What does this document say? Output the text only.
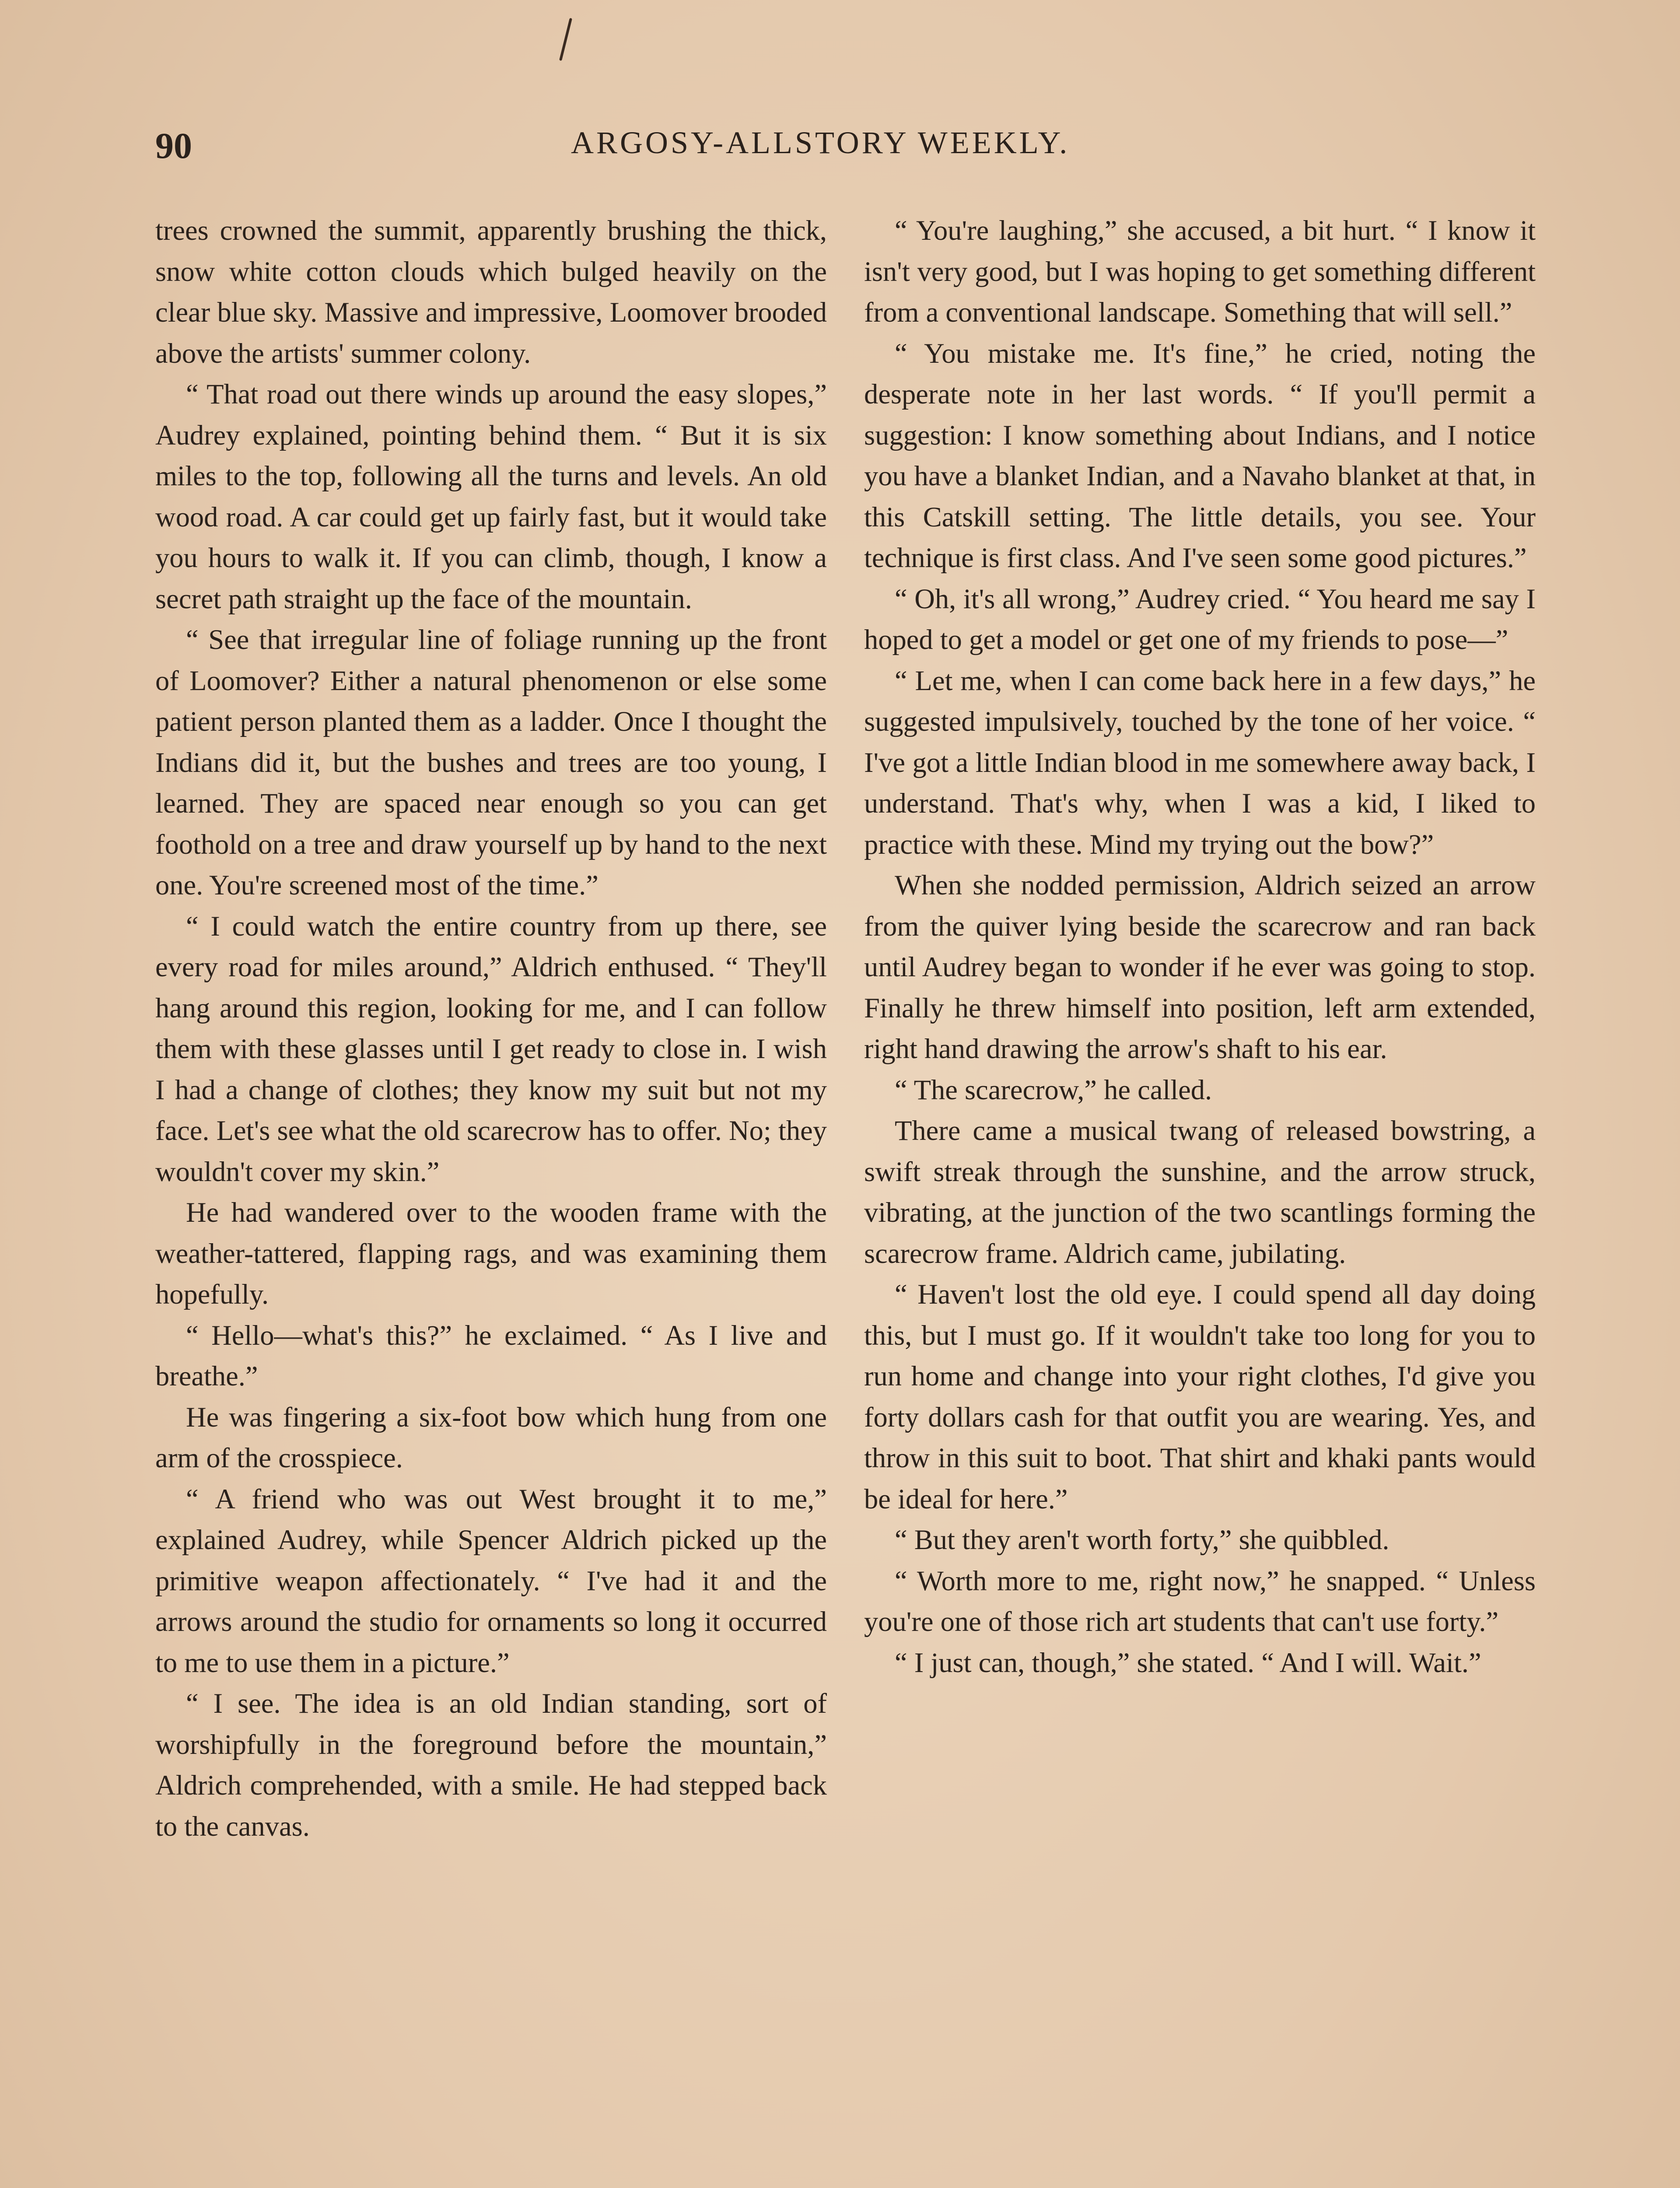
90	ARGOSY-ALLSTORY WEEKLY.

trees crowned the summit, apparently brushing the thick, snow white cotton clouds which bulged heavily on the clear blue sky. Massive and impressive, Loomover brooded above the artists' summer colony.

“ That road out there winds up around the easy slopes,” Audrey explained, pointing behind them. “ But it is six miles to the top, following all the turns and levels. An old wood road. A car could get up fairly fast, but it would take you hours to walk it. If you can climb, though, I know a secret path straight up the face of the mountain.

“ See that irregular line of foliage running up the front of Loomover? Either a natural phenomenon or else some patient person planted them as a ladder. Once I thought the Indians did it, but the bushes and trees are too young, I learned. They are spaced near enough so you can get foothold on a tree and draw yourself up by hand to the next one. You're screened most of the time.”

“ I could watch the entire country from up there, see every road for miles around,” Aldrich enthused. “ They'll hang around this region, looking for me, and I can follow them with these glasses until I get ready to close in. I wish I had a change of clothes; they know my suit but not my face. Let's see what the old scarecrow has to offer. No; they wouldn't cover my skin.”

He had wandered over to the wooden frame with the weather-tattered, flapping rags, and was examining them hopefully.

“ Hello—what's this?” he exclaimed. “ As I live and breathe.”

He was fingering a six-foot bow which hung from one arm of the crosspiece.

“ A friend who was out West brought it to me,” explained Audrey, while Spencer Aldrich picked up the primitive weapon affectionately. “ I've had it and the arrows around the studio for ornaments so long it occurred to me to use them in a picture.”

“ I see. The idea is an old Indian standing, sort of worshipfully in the foreground before the mountain,” Aldrich comprehended, with a smile. He had stepped back to the canvas.

“ You're laughing,” she accused, a bit hurt. “ I know it isn't very good, but I was hoping to get something different from a conventional landscape. Something that will sell.”

“ You mistake me. It's fine,” he cried, noting the desperate note in her last words. “ If you'll permit a suggestion: I know something about Indians, and I notice you have a blanket Indian, and a Navaho blanket at that, in this Catskill setting. The little details, you see. Your technique is first class. And I've seen some good pictures.”

“ Oh, it's all wrong,” Audrey cried. “ You heard me say I hoped to get a model or get one of my friends to pose—”

“ Let me, when I can come back here in a few days,” he suggested impulsively, touched by the tone of her voice. “ I've got a little Indian blood in me somewhere away back, I understand. That's why, when I was a kid, I liked to practice with these. Mind my trying out the bow?”

When she nodded permission, Aldrich seized an arrow from the quiver lying beside the scarecrow and ran back until Audrey began to wonder if he ever was going to stop. Finally he threw himself into position, left arm extended, right hand drawing the arrow's shaft to his ear.

“ The scarecrow,” he called.

There came a musical twang of released bowstring, a swift streak through the sunshine, and the arrow struck, vibrating, at the junction of the two scantlings forming the scarecrow frame. Aldrich came, jubilating.

“ Haven't lost the old eye. I could spend all day doing this, but I must go. If it wouldn't take too long for you to run home and change into your right clothes, I'd give you forty dollars cash for that outfit you are wearing. Yes, and throw in this suit to boot. That shirt and khaki pants would be ideal for here.”

“ But they aren't worth forty,” she quibbled.

“ Worth more to me, right now,” he snapped. “ Unless you're one of those rich art students that can't use forty.”

“ I just can, though,” she stated. “ And I will. Wait.”
